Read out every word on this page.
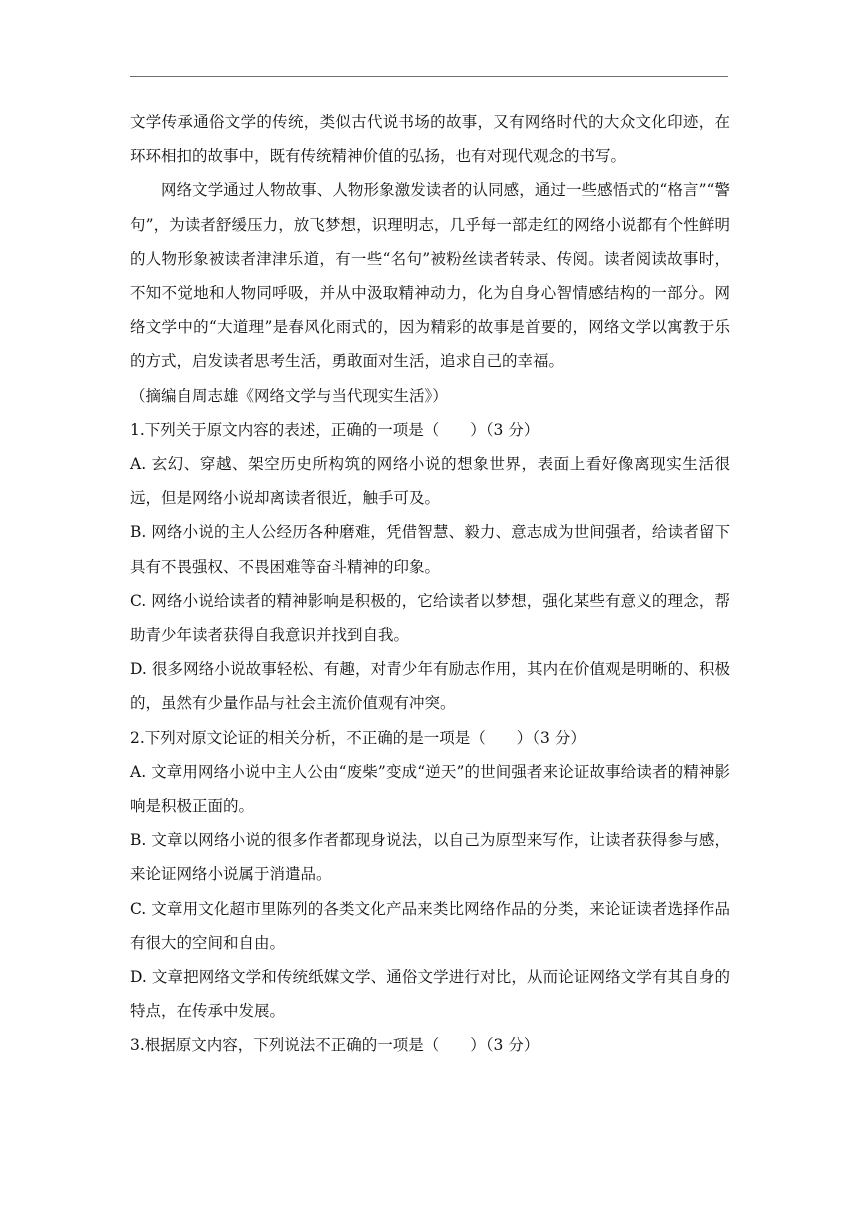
文学传承通俗文学的传统，类似古代说书场的故事，又有网络时代的大众文化印迹，在环环相扣的故事中，既有传统精神价值的弘扬，也有对现代观念的书写。

网络文学通过人物故事、人物形象激发读者的认同感，通过一些感悟式的“格言”“警句”，为读者舒缓压力，放飞梦想，识理明志，几乎每一部走红的网络小说都有个性鲜明的人物形象被读者津津乐道，有一些“名句”被粉丝读者转录、传阅。读者阅读故事时，不知不觉地和人物同呼吸，并从中汲取精神动力，化为自身心智情感结构的一部分。网络文学中的“大道理”是春风化雨式的，因为精彩的故事是首要的，网络文学以寓教于乐的方式，启发读者思考生活，勇敢面对生活，追求自己的幸福。

（摘编自周志雄《网络文学与当代现实生活》）

1.下列关于原文内容的表述，正确的一项是（　　）（3 分）

A. 玄幻、穿越、架空历史所构筑的网络小说的想象世界，表面上看好像离现实生活很远，但是网络小说却离读者很近，触手可及。

B. 网络小说的主人公经历各种磨难，凭借智慧、毅力、意志成为世间强者，给读者留下具有不畏强权、不畏困难等奋斗精神的印象。

C. 网络小说给读者的精神影响是积极的，它给读者以梦想，强化某些有意义的理念，帮助青少年读者获得自我意识并找到自我。

D. 很多网络小说故事轻松、有趣，对青少年有励志作用，其内在价值观是明晰的、积极的，虽然有少量作品与社会主流价值观有冲突。

2.下列对原文论证的相关分析，不正确的是一项是（　　）（3 分）

A. 文章用网络小说中主人公由“废柴”变成“逆天”的世间强者来论证故事给读者的精神影响是积极正面的。

B. 文章以网络小说的很多作者都现身说法，以自己为原型来写作，让读者获得参与感，来论证网络小说属于消遣品。

C. 文章用文化超市里陈列的各类文化产品来类比网络作品的分类，来论证读者选择作品有很大的空间和自由。

D. 文章把网络文学和传统纸媒文学、通俗文学进行对比，从而论证网络文学有其自身的特点，在传承中发展。

3.根据原文内容，下列说法不正确的一项是（　　）（3 分）
